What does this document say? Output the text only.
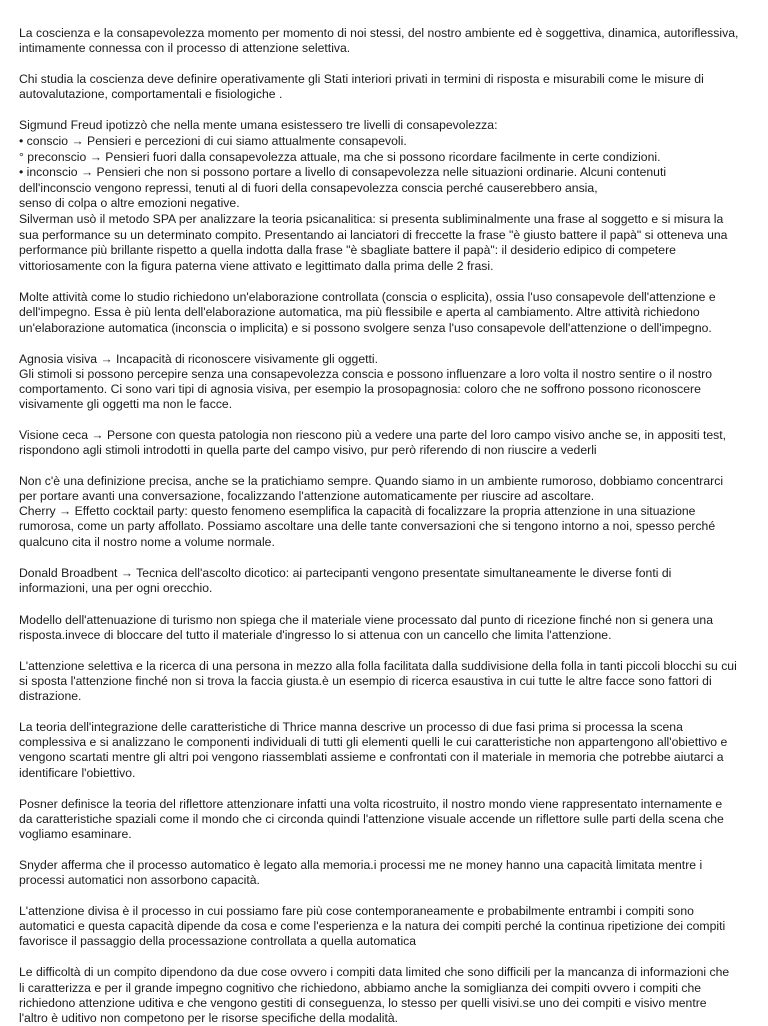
La coscienza e la consapevolezza momento per momento di noi stessi, del nostro ambiente ed è soggettiva, dinamica, autoriflessiva,
intimamente connessa con il processo di attenzione selettiva.

Chi studia la coscienza deve definire operativamente gli Stati interiori privati in termini di risposta e misurabili come le misure di
autovalutazione, comportamentali e fisiologiche .

Sigmund Freud ipotizzò che nella mente umana esistessero tre livelli di consapevolezza:
• conscio → Pensieri e percezioni di cui siamo attualmente consapevoli.
° preconscio → Pensieri fuori dalla consapevolezza attuale, ma che si possono ricordare facilmente in certe condizioni.
• inconscio → Pensieri che non si possono portare a livello di consapevolezza nelle situazioni ordinarie. Alcuni contenuti
dell'inconscio vengono repressi, tenuti al di fuori della consapevolezza conscia perché causerebbero ansia,
senso di colpa o altre emozioni negative.
Silverman usò il metodo SPA per analizzare la teoria psicanalitica: si presenta subliminalmente una frase al soggetto e si misura la
sua performance su un determinato compito. Presentando ai lanciatori di freccette la frase "è giusto battere il papà" si otteneva una
performance più brillante rispetto a quella indotta dalla frase "è sbagliate battere il papà": il desiderio edipico di competere
vittoriosamente con la figura paterna viene attivato e legittimato dalla prima delle 2 frasi.

Molte attività come lo studio richiedono un'elaborazione controllata (conscia o esplicita), ossia l'uso consapevole dell'attenzione e
dell'impegno. Essa è più lenta dell'elaborazione automatica, ma più flessibile e aperta al cambiamento. Altre attività richiedono
un'elaborazione automatica (inconscia o implicita) e si possono svolgere senza l'uso consapevole dell'attenzione o dell'impegno.

Agnosia visiva → Incapacità di riconoscere visivamente gli oggetti.
Gli stimoli si possono percepire senza una consapevolezza conscia e possono influenzare a loro volta il nostro sentire o il nostro
comportamento. Ci sono vari tipi di agnosia visiva, per esempio la prosopagnosia: coloro che ne soffrono possono riconoscere
visivamente gli oggetti ma non le facce.

Visione ceca → Persone con questa patologia non riescono più a vedere una parte del loro campo visivo anche se, in appositi test,
rispondono agli stimoli introdotti in quella parte del campo visivo, pur però riferendo di non riuscire a vederli

Non c'è una definizione precisa, anche se la pratichiamo sempre. Quando siamo in un ambiente rumoroso, dobbiamo concentrarci
per portare avanti una conversazione, focalizzando l'attenzione automaticamente per riuscire ad ascoltare.
Cherry → Effetto cocktail party: questo fenomeno esemplifica la capacità di focalizzare la propria attenzione in una situazione
rumorosa, come un party affollato. Possiamo ascoltare una delle tante conversazioni che si tengono intorno a noi, spesso perché
qualcuno cita il nostro nome a volume normale.

Donald Broadbent → Tecnica dell'ascolto dicotico: ai partecipanti vengono presentate simultaneamente le diverse fonti di
informazioni, una per ogni orecchio.

Modello dell'attenuazione di turismo non spiega che il materiale viene processato dal punto di ricezione finché non si genera una
risposta.invece di bloccare del tutto il materiale d'ingresso lo si attenua con un cancello che limita l'attenzione.

L'attenzione selettiva e la ricerca di una persona in mezzo alla folla facilitata dalla suddivisione della folla in tanti piccoli blocchi su cui
si sposta l'attenzione finché non si trova la faccia giusta.è un esempio di ricerca esaustiva in cui tutte le altre facce sono fattori di
distrazione.

La teoria dell'integrazione delle caratteristiche di Thrice manna descrive un processo di due fasi prima si processa la scena
complessiva e si analizzano le componenti individuali di tutti gli elementi quelli le cui caratteristiche non appartengono all'obiettivo e
vengono scartati mentre gli altri poi vengono riassemblati assieme e confrontati con il materiale in memoria che potrebbe aiutarci a
identificare l'obiettivo.

Posner definisce la teoria del riflettore attenzionare infatti una volta ricostruito, il nostro mondo viene rappresentato internamente e
da caratteristiche spaziali come il mondo che ci circonda quindi l'attenzione visuale accende un riflettore sulle parti della scena che
vogliamo esaminare.

Snyder afferma che il processo automatico è legato alla memoria.i processi me ne money hanno una capacità limitata mentre i
processi automatici non assorbono capacità.

L'attenzione divisa è il processo in cui possiamo fare più cose contemporaneamente e probabilmente entrambi i compiti sono
automatici e questa capacità dipende da cosa e come l'esperienza e la natura dei compiti perché la continua ripetizione dei compiti
favorisce il passaggio della processazione controllata a quella automatica

Le difficoltà di un compito dipendono da due cose ovvero i compiti data limited che sono difficili per la mancanza di informazioni che
li caratterizza e per il grande impegno cognitivo che richiedono, abbiamo anche la somiglianza dei compiti ovvero i compiti che
richiedono attenzione uditiva e che vengono gestiti di conseguenza, lo stesso per quelli visivi.se uno dei compiti e visivo mentre
l'altro è uditivo non competono per le risorse specifiche della modalità.
